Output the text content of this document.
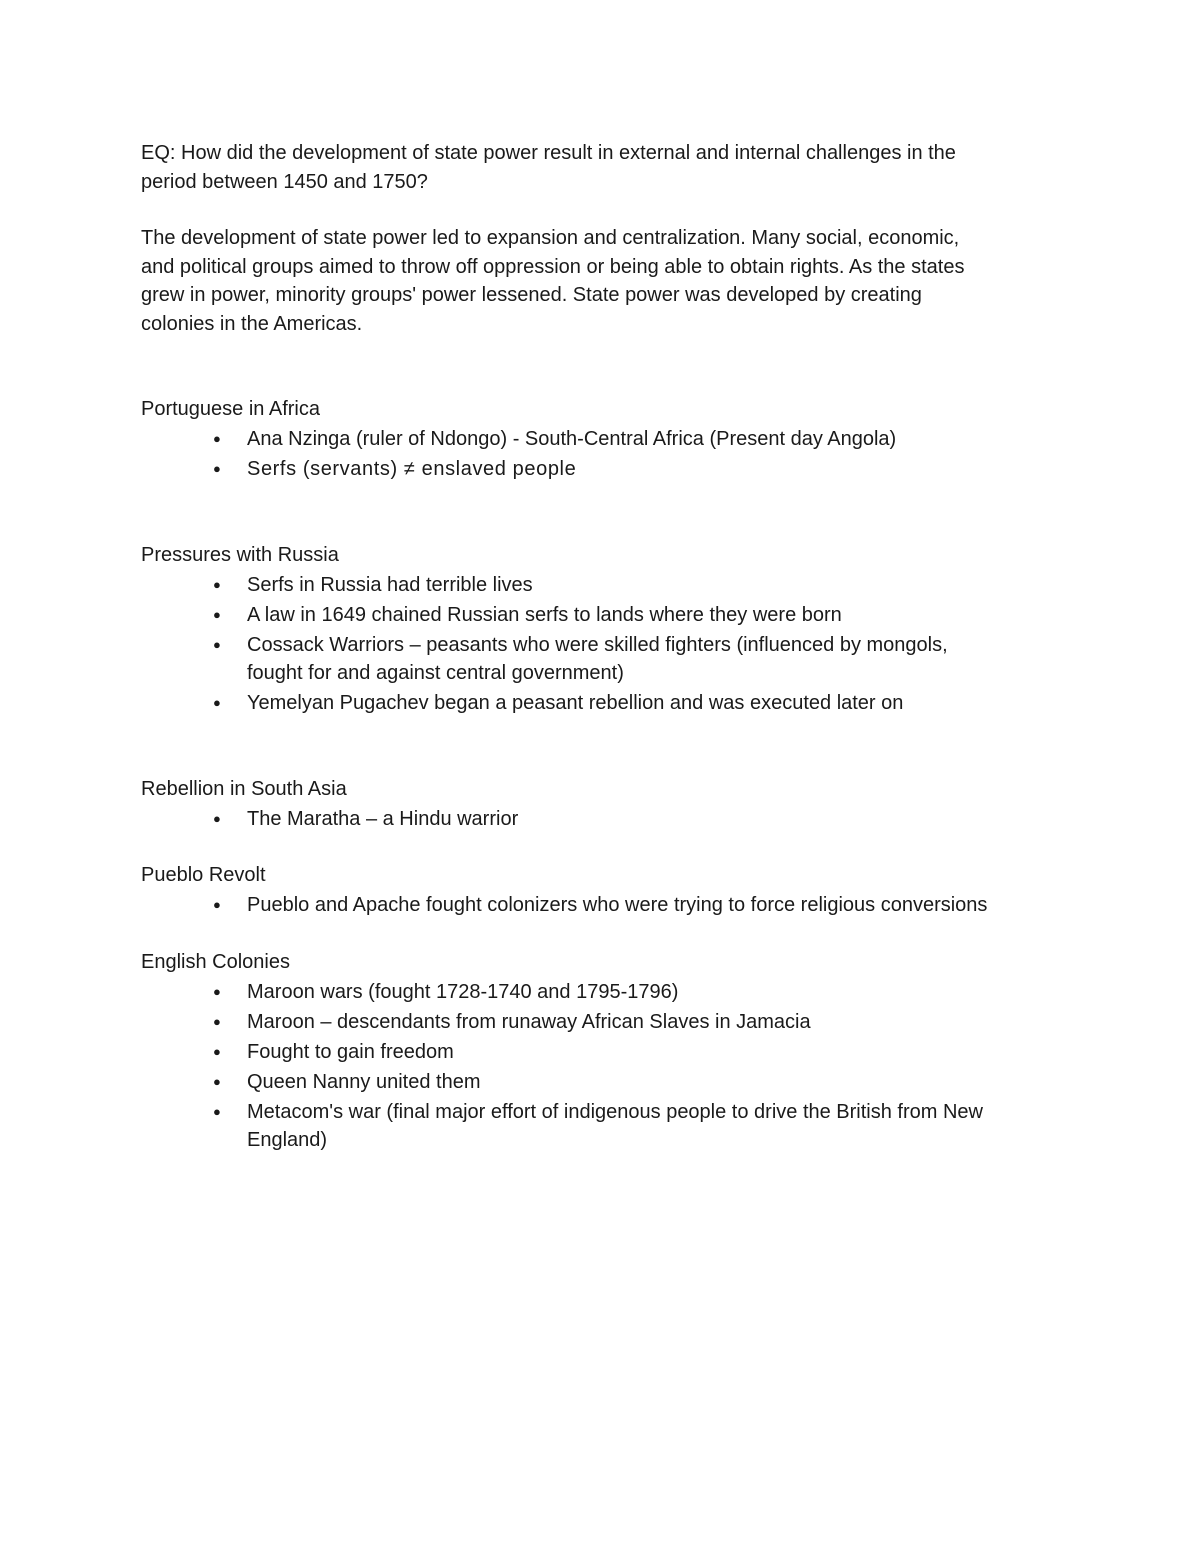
EQ: How did the development of state power result in external and internal challenges in the

period between 1450 and 1750?

The development of state power led to expansion and centralization. Many social, economic,
and political groups aimed to throw off oppression or being able to obtain rights. As the states
grew in power, minority groups' power lessened. State power was developed by creating
colonies in the Americas.

Portuguese in Africa

● Ana Nzinga (ruler of Ndongo) - South-Central Africa (Present day Angola)
● Serfs (servants) ≠ enslaved people

Pressures with Russia

● Serfs in Russia had terrible lives
● A law in 1649 chained Russian serfs to lands where they were born
● Cossack Warriors – peasants who were skilled fighters (influenced by mongols,
fought for and against central government)
● Yemelyan Pugachev began a peasant rebellion and was executed later on

Rebellion in South Asia

● The Maratha – a Hindu warrior

Pueblo Revolt

● Pueblo and Apache fought colonizers who were trying to force religious conversions

English Colonies

● Maroon wars (fought 1728-1740 and 1795-1796)
● Maroon – descendants from runaway African Slaves in Jamacia
● Fought to gain freedom
● Queen Nanny united them
● Metacom's war (final major effort of indigenous people to drive the British from New
England)
